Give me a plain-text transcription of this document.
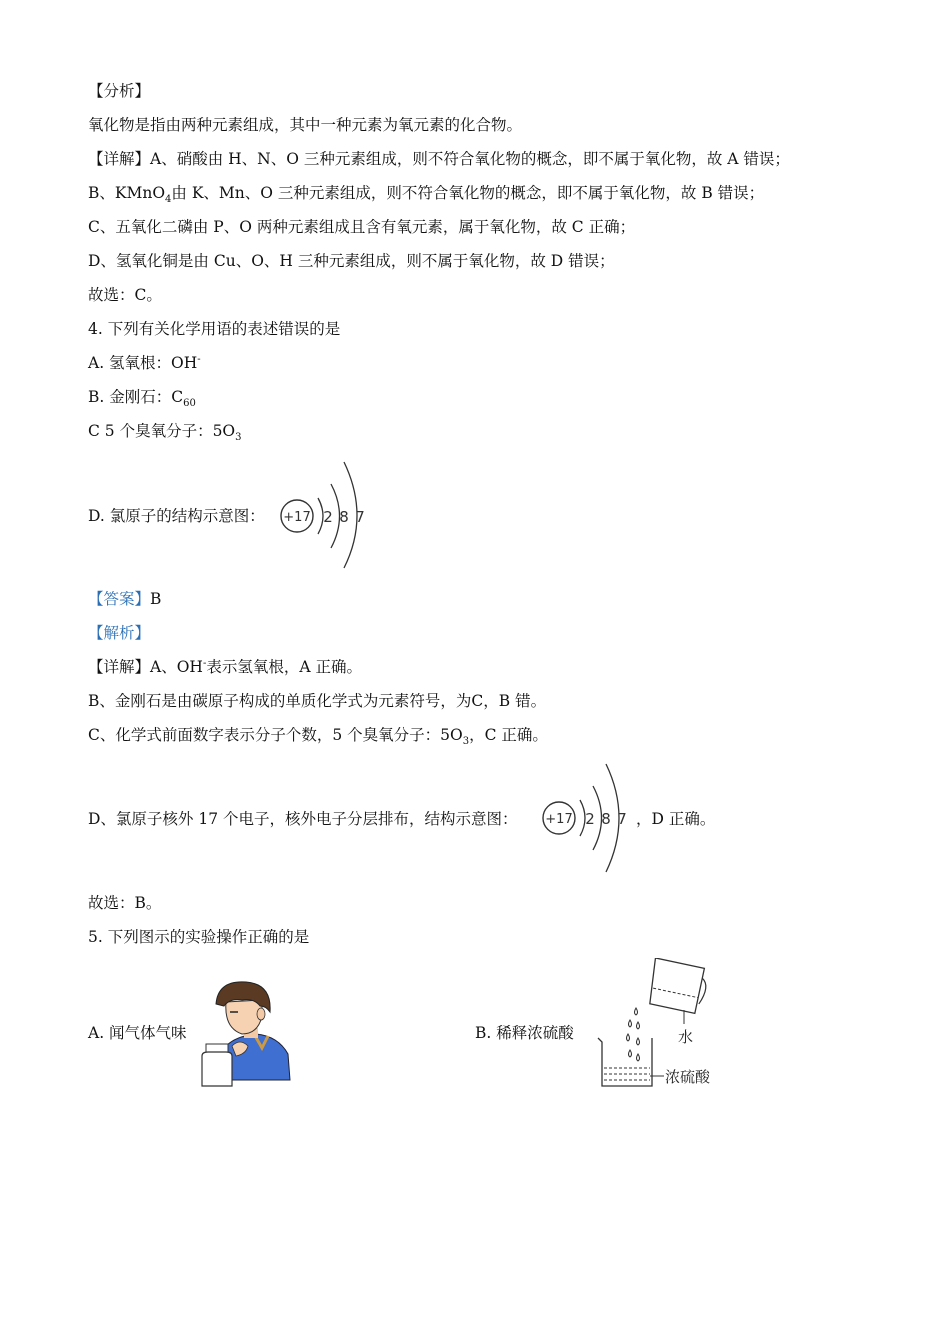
【分析】
氧化物是指由两种元素组成，其中一种元素为氧元素的化合物。
【详解】A、硝酸由 H、N、O 三种元素组成，则不符合氧化物的概念，即不属于氧化物，故 A 错误；
B、KMnO$_4$由 K、Mn、O 三种元素组成，则不符合氧化物的概念，即不属于氧化物，故 B 错误；
C、五氧化二磷由 P、O 两种元素组成且含有氧元素，属于氧化物，故 C 正确；
D、氢氧化铜是由 Cu、O、H 三种元素组成，则不属于氧化物，故 D 错误；
故选：C。
4. 下列有关化学用语的表述错误的是
A. 氢氧根：OH-
B. 金刚石：$C_{60}$
C 5 个臭氧分子：$5O_3$
D. 氯原子的结构示意图： +17 2 8 7
【答案】B
【解析】
【详解】A、OH-表示氢氧根，A 正确。
B、金刚石是由碳原子构成的单质化学式为元素符号，为C，B 错。
C、化学式前面数字表示分子个数，5 个臭氧分子：$5O_3$，C 正确。
D、氯原子核外 17 个电子，核外电子分层排布，结构示意图： +17 2 8 7 ，D 正确。
故选：B。
5. 下列图示的实验操作正确的是
A. 闻气体气味	B. 稀释浓硫酸	水
浓硫酸
